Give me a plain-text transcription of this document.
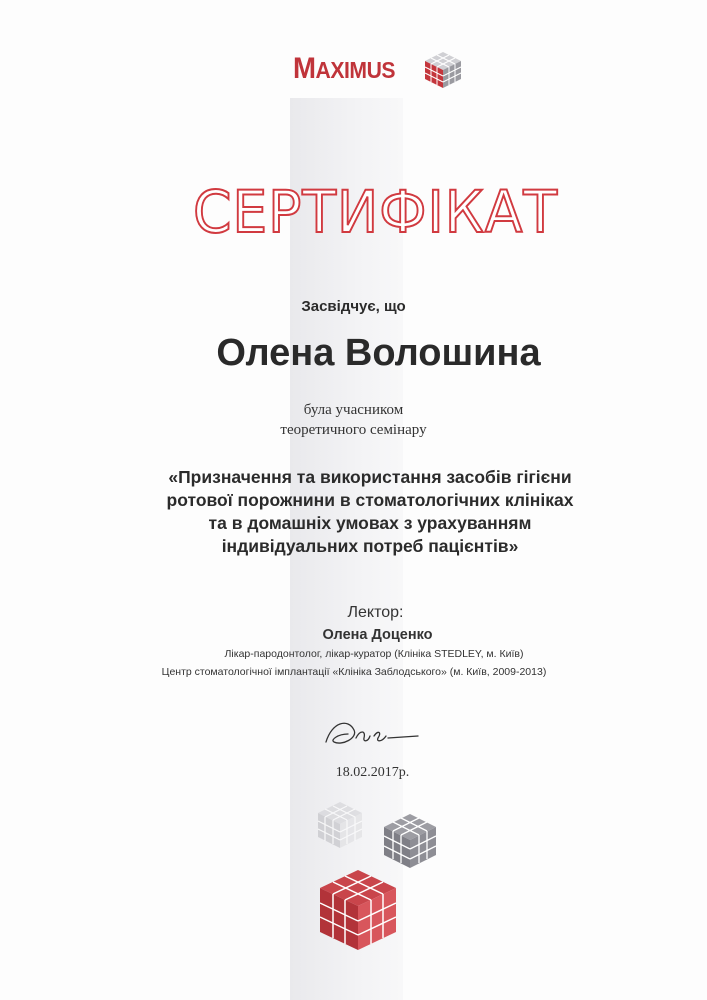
MAXIMUS
СЕРТИФІКАТ
Засвідчує, що
Олена Волошина
була учасником
теоретичного семінару
«Призначення та використання засобів гігієни
ротової порожнини в стоматологічних клініках
та в домашніх умовах з урахуванням
індивідуальних потреб пацієнтів»
Лектор:
Олена Доценко
Лікар-пародонтолог, лікар-куратор (Клініка STEDLEY, м. Київ)
Центр стоматологічної імплантації «Клініка Заблодського» (м. Київ, 2009-2013)
18.02.2017р.
